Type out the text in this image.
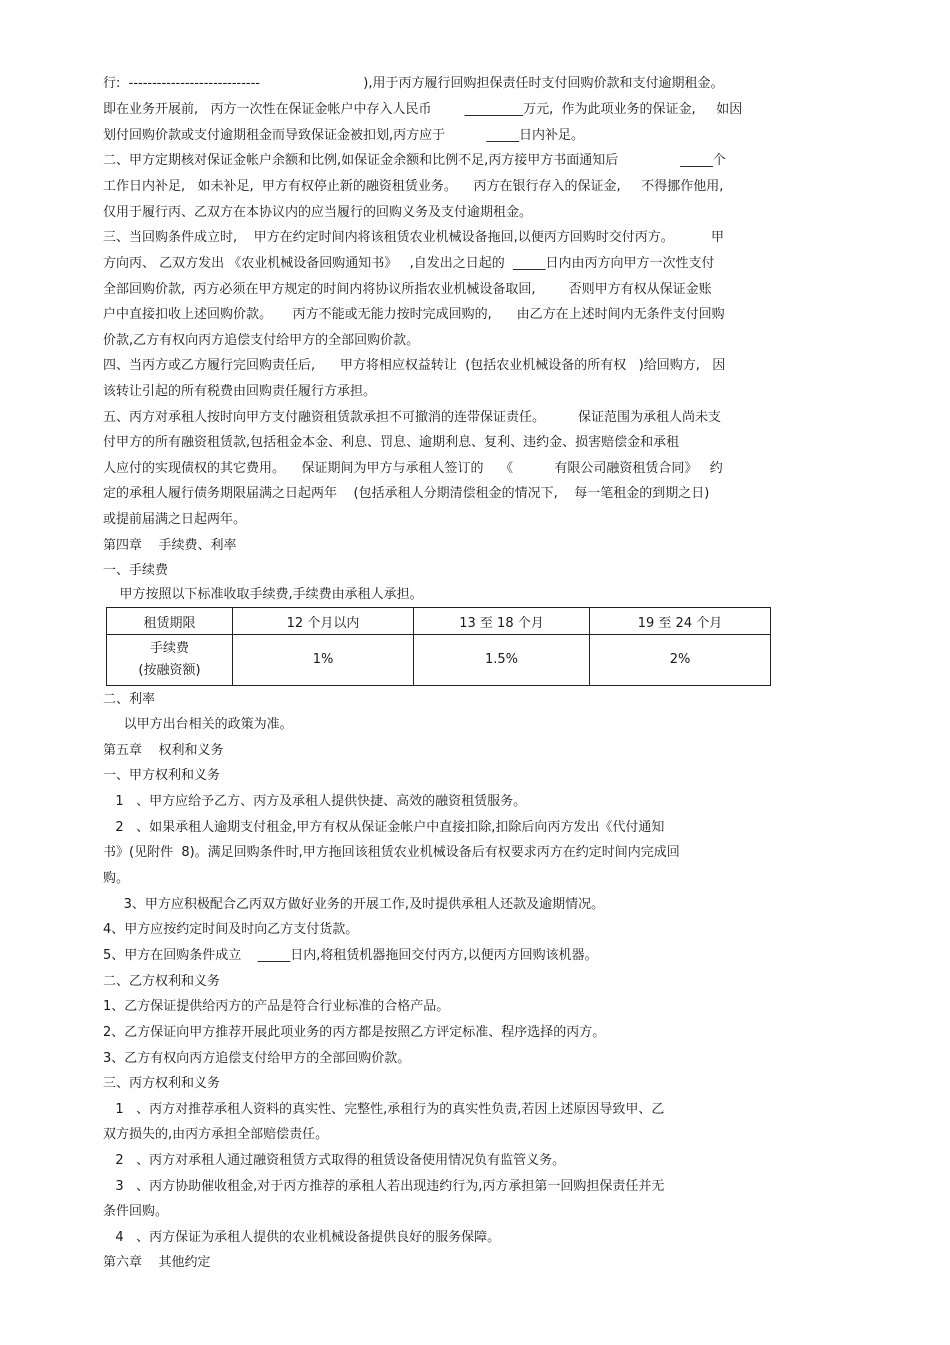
行:  ----------------------------                         ),用于丙方履行回购担保责任时支付回购价款和支付逾期租金。
即在业务开展前,   丙方一次性在保证金帐户中存入人民币        _________万元,  作为此项业务的保证金,     如因
划付回购价款或支付逾期租金而导致保证金被扣划,丙方应于          _____日内补足。
二、甲方定期核对保证金帐户余额和比例,如保证金余额和比例不足,丙方接甲方书面通知后               _____个
工作日内补足,   如未补足,  甲方有权停止新的融资租赁业务。    丙方在银行存入的保证金,     不得挪作他用,
仅用于履行丙、乙双方在本协议内的应当履行的回购义务及支付逾期租金。
三、当回购条件成立时,    甲方在约定时间内将该租赁农业机械设备拖回,以便丙方回购时交付丙方。         甲
方向丙、 乙双方发出 《农业机械设备回购通知书》   ,自发出之日起的  _____日内由丙方向甲方一次性支付
全部回购价款,  丙方必须在甲方规定的时间内将协议所指农业机械设备取回,        否则甲方有权从保证金账
户中直接扣收上述回购价款。     丙方不能或无能力按时完成回购的,      由乙方在上述时间内无条件支付回购
价款,乙方有权向丙方追偿支付给甲方的全部回购价款。
四、当丙方或乙方履行完回购责任后,      甲方将相应权益转让  (包括农业机械设备的所有权   )给回购方,   因
该转让引起的所有税费由回购责任履行方承担。
五、丙方对承租人按时向甲方支付融资租赁款承担不可撤消的连带保证责任。        保证范围为承租人尚未支
付甲方的所有融资租赁款,包括租金本金、利息、罚息、逾期利息、复利、违约金、损害赔偿金和承租
人应付的实现债权的其它费用。    保证期间为甲方与承租人签订的    《          有限公司融资租赁合同》   约
定的承租人履行债务期限届满之日起两年    (包括承租人分期清偿租金的情况下,    每一笔租金的到期之日)
或提前届满之日起两年。
第四章    手续费、利率
一、手续费
甲方按照以下标准收取手续费,手续费由承租人承担。
租赁期限	12 个月以内	13 至 18 个月	19 至 24 个月

手续费
(按融资额)	1%	1.5%	2%
二、利率
以甲方出台相关的政策为准。
第五章    权利和义务
一、甲方权利和义务
1   、甲方应给予乙方、丙方及承租人提供快捷、高效的融资租赁服务。
2   、如果承租人逾期支付租金,甲方有权从保证金帐户中直接扣除,扣除后向丙方发出《代付通知
书》(见附件  8)。满足回购条件时,甲方拖回该租赁农业机械设备后有权要求丙方在约定时间内完成回
购。
3、甲方应积极配合乙丙双方做好业务的开展工作,及时提供承租人还款及逾期情况。
4、甲方应按约定时间及时向乙方支付货款。
5、甲方在回购条件成立    _____日内,将租赁机器拖回交付丙方,以便丙方回购该机器。
二、乙方权利和义务
1、乙方保证提供给丙方的产品是符合行业标准的合格产品。
2、乙方保证向甲方推荐开展此项业务的丙方都是按照乙方评定标准、程序选择的丙方。
3、乙方有权向丙方追偿支付给甲方的全部回购价款。
三、丙方权利和义务
1   、丙方对推荐承租人资料的真实性、完整性,承租行为的真实性负责,若因上述原因导致甲、乙
双方损失的,由丙方承担全部赔偿责任。
2   、丙方对承租人通过融资租赁方式取得的租赁设备使用情况负有监管义务。
3   、丙方协助催收租金,对于丙方推荐的承租人若出现违约行为,丙方承担第一回购担保责任并无
条件回购。
4   、丙方保证为承租人提供的农业机械设备提供良好的服务保障。
第六章    其他约定
